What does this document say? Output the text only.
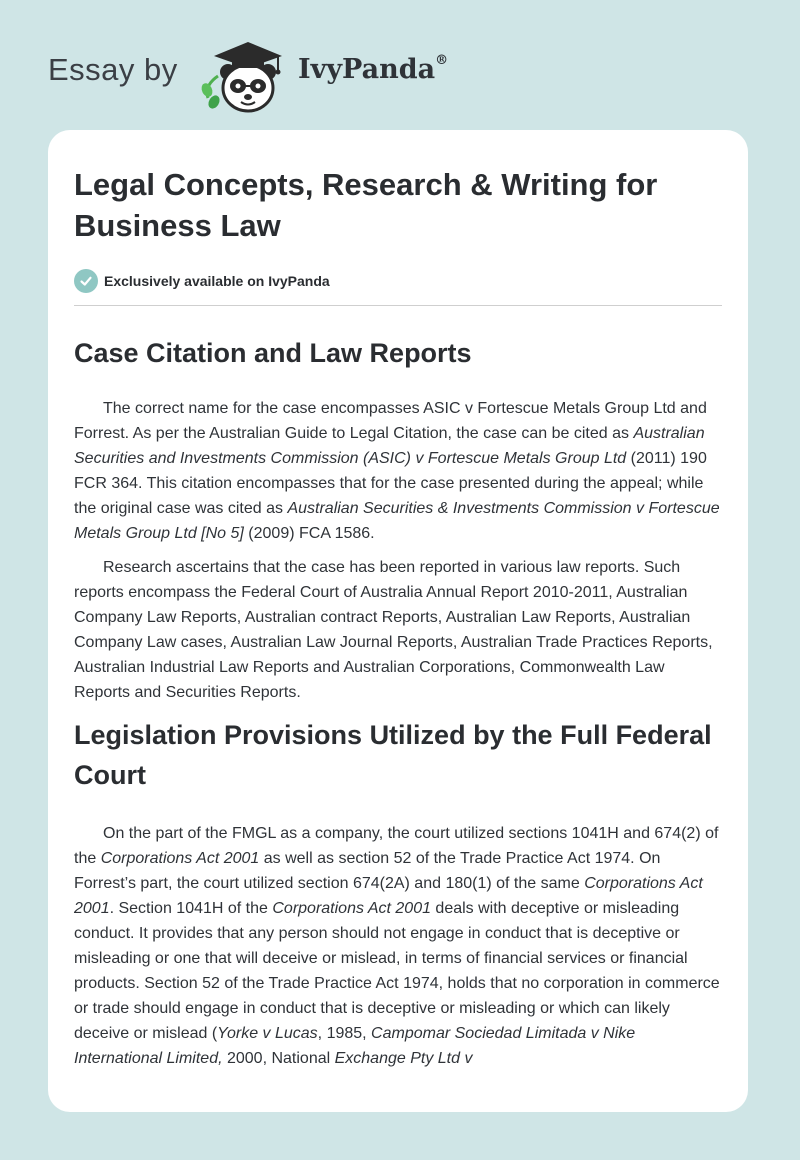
Essay by	IvyPanda®
Legal Concepts, Research & Writing for Business Law
Exclusively available on IvyPanda
Case Citation and Law Reports

The correct name for the case encompasses ASIC v Fortescue Metals Group Ltd and Forrest. As per the Australian Guide to Legal Citation, the case can be cited as Australian Securities and Investments Commission (ASIC) v Fortescue Metals Group Ltd (2011) 190 FCR 364. This citation encompasses that for the case presented during the appeal; while the original case was cited as Australian Securities & Investments Commission v Fortescue Metals Group Ltd [No 5] (2009) FCA 1586.

Research ascertains that the case has been reported in various law reports. Such reports encompass the Federal Court of Australia Annual Report 2010-2011, Australian Company Law Reports, Australian contract Reports, Australian Law Reports, Australian Company Law cases, Australian Law Journal Reports, Australian Trade Practices Reports, Australian Industrial Law Reports and Australian Corporations, Commonwealth Law Reports and Securities Reports.

Legislation Provisions Utilized by the Full Federal Court

On the part of the FMGL as a company, the court utilized sections 1041H and 674(2) of the Corporations Act 2001 as well as section 52 of the Trade Practice Act 1974. On Forrest’s part, the court utilized section 674(2A) and 180(1) of the same Corporations Act 2001. Section 1041H of the Corporations Act 2001 deals with deceptive or misleading conduct. It provides that any person should not engage in conduct that is deceptive or misleading or one that will deceive or mislead, in terms of financial services or financial products. Section 52 of the Trade Practice Act 1974, holds that no corporation in commerce or trade should engage in conduct that is deceptive or misleading or which can likely deceive or mislead (Yorke v Lucas, 1985, Campomar Sociedad Limitada v Nike International Limited, 2000, National Exchange Pty Ltd v
